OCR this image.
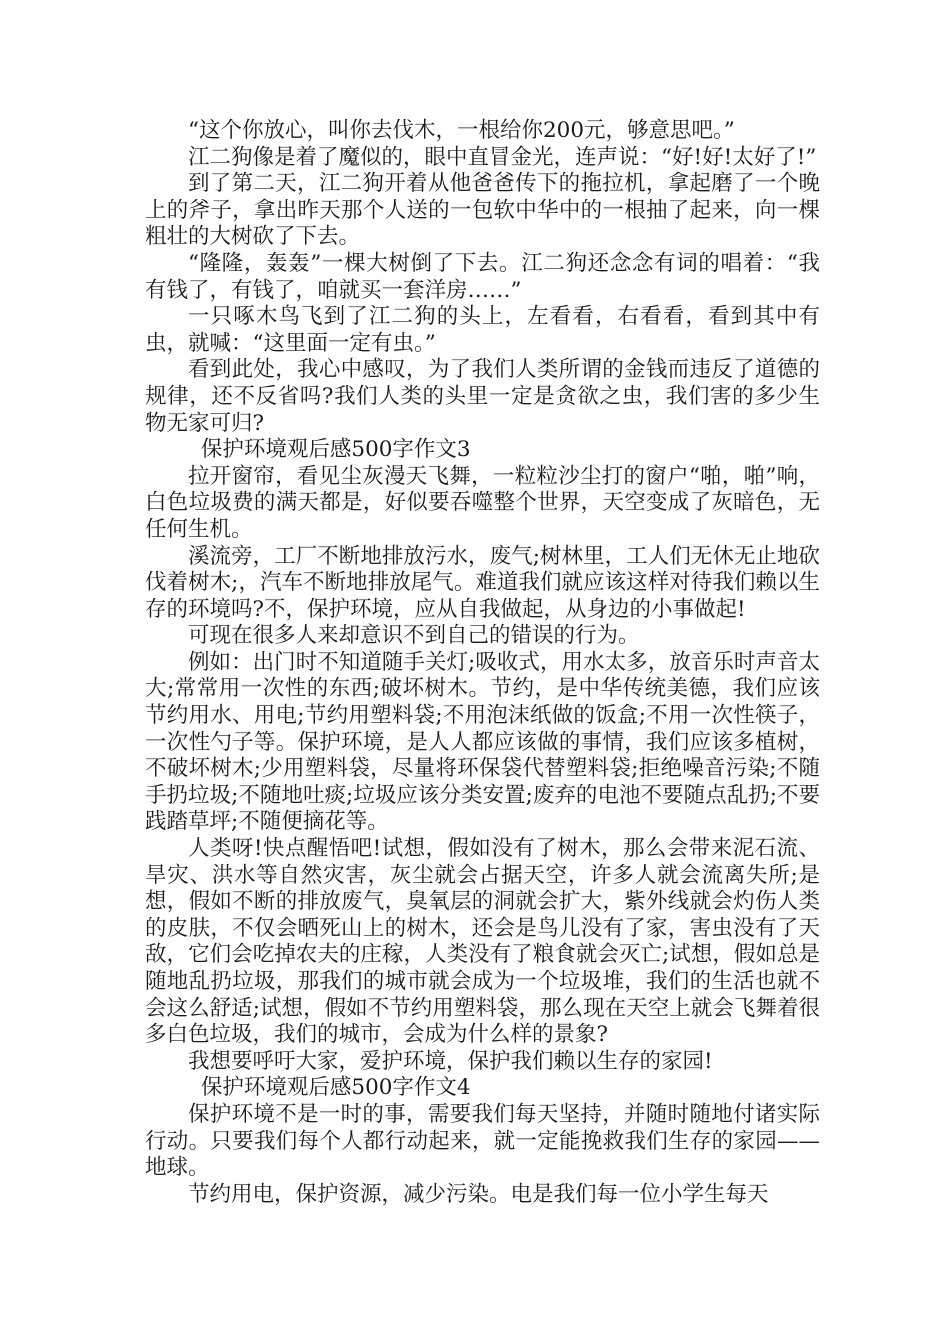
“这个你放心，叫你去伐木，一根给你200元，够意思吧。”

江二狗像是着了魔似的，眼中直冒金光，连声说：“好!好!太好了!”

到了第二天，江二狗开着从他爸爸传下的拖拉机，拿起磨了一个晚上的斧子，拿出昨天那个人送的一包软中华中的一根抽了起来，向一棵粗壮的大树砍了下去。

“隆隆，轰轰”一棵大树倒了下去。江二狗还念念有词的唱着：“我有钱了，有钱了，咱就买一套洋房……”

一只啄木鸟飞到了江二狗的头上，左看看，右看看，看到其中有虫，就喊：“这里面一定有虫。”

看到此处，我心中感叹，为了我们人类所谓的金钱而违反了道德的规律，还不反省吗?我们人类的头里一定是贪欲之虫，我们害的多少生物无家可归?

保护环境观后感500字作文3

拉开窗帘，看见尘灰漫天飞舞，一粒粒沙尘打的窗户“啪，啪”响，白色垃圾费的满天都是，好似要吞噬整个世界，天空变成了灰暗色，无任何生机。

溪流旁，工厂不断地排放污水，废气;树林里，工人们无休无止地砍伐着树木;，汽车不断地排放尾气。难道我们就应该这样对待我们赖以生存的环境吗?不，保护环境，应从自我做起，从身边的小事做起!

可现在很多人来却意识不到自己的错误的行为。

例如：出门时不知道随手关灯;吸收式，用水太多，放音乐时声音太大;常常用一次性的东西;破坏树木。节约，是中华传统美德，我们应该节约用水、用电;节约用塑料袋;不用泡沫纸做的饭盒;不用一次性筷子，一次性勺子等。保护环境，是人人都应该做的事情，我们应该多植树，不破坏树木;少用塑料袋，尽量将环保袋代替塑料袋;拒绝噪音污染;不随手扔垃圾;不随地吐痰;垃圾应该分类安置;废弃的电池不要随点乱扔;不要践踏草坪;不随便摘花等。

人类呀!快点醒悟吧!试想，假如没有了树木，那么会带来泥石流、旱灾、洪水等自然灾害，灰尘就会占据天空，许多人就会流离失所;是想，假如不断的排放废气，臭氧层的洞就会扩大，紫外线就会灼伤人类的皮肤，不仅会晒死山上的树木，还会是鸟儿没有了家，害虫没有了天敌，它们会吃掉农夫的庄稼，人类没有了粮食就会灭亡;试想，假如总是随地乱扔垃圾，那我们的城市就会成为一个垃圾堆，我们的生活也就不会这么舒适;试想，假如不节约用塑料袋，那么现在天空上就会飞舞着很多白色垃圾，我们的城市，会成为什么样的景象?

我想要呼吁大家，爱护环境，保护我们赖以生存的家园!

保护环境观后感500字作文4

保护环境不是一时的事，需要我们每天坚持，并随时随地付诸实际行动。只要我们每个人都行动起来，就一定能挽救我们生存的家园——地球。

节约用电，保护资源，减少污染。电是我们每一位小学生每天
